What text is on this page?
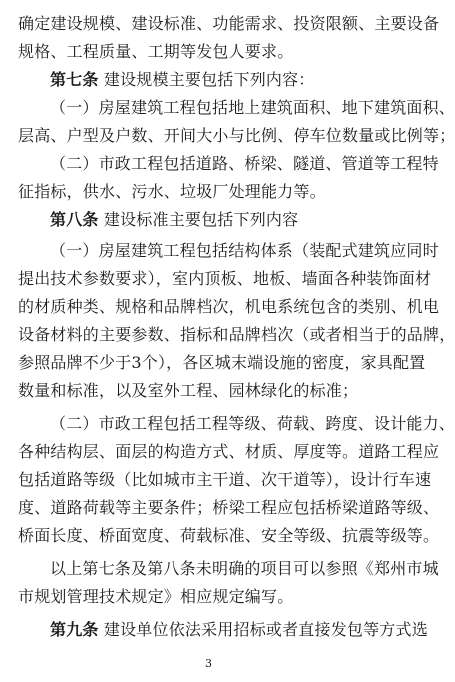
确定建设规模、建设标准、功能需求、投资限额、主要设备
规格、工程质量、工期等发包人要求。
第七条 建设规模主要包括下列内容：
（一）房屋建筑工程包括地上建筑面积、地下建筑面积、
层高、户型及户数、开间大小与比例、停车位数量或比例等；
（二）市政工程包括道路、桥梁、隧道、管道等工程特
征指标，供水、污水、垃圾厂处理能力等。
第八条 建设标准主要包括下列内容
（一）房屋建筑工程包括结构体系（装配式建筑应同时
提出技术参数要求），室内顶板、地板、墙面各种装饰面材
的材质种类、规格和品牌档次，机电系统包含的类别、机电
设备材料的主要参数、指标和品牌档次（或者相当于的品牌，
参照品牌不少于3个），各区城末端设施的密度，家具配置
数量和标准，以及室外工程、园林绿化的标准；
（二）市政工程包括工程等级、荷载、跨度、设计能力、
各种结构层、面层的构造方式、材质、厚度等。道路工程应
包括道路等级（比如城市主干道、次干道等），设计行车速
度、道路荷载等主要条件；桥梁工程应包括桥梁道路等级、
桥面长度、桥面宽度、荷载标准、安全等级、抗震等级等。
以上第七条及第八条未明确的项目可以参照《郑州市城
市规划管理技术规定》相应规定编写。
第九条 建设单位依法采用招标或者直接发包等方式选
3
